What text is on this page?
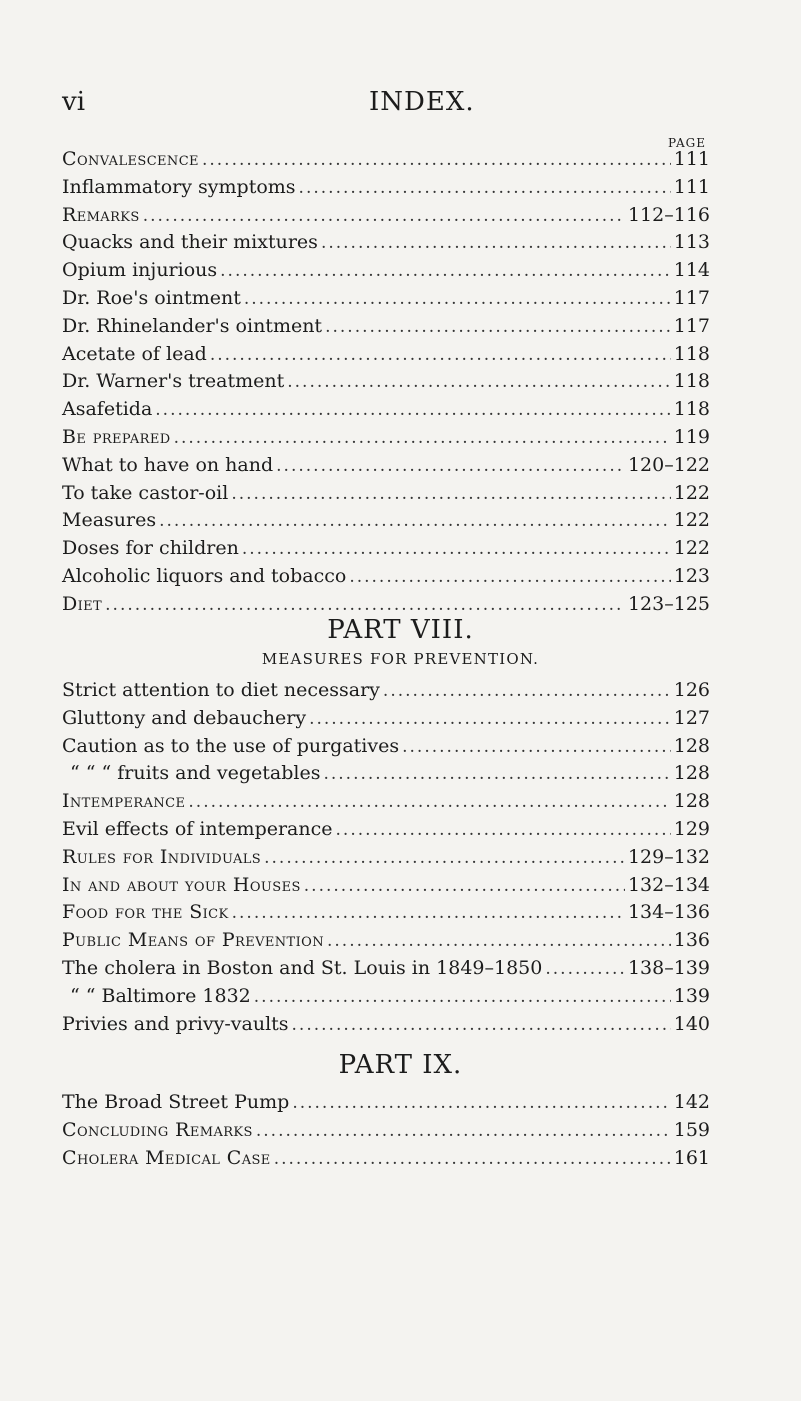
vi	INDEX.
PAGE
Convalescence .....	111
Inflammatory symptoms .....	111
Remarks .....	112–116
Quacks and their mixtures .....	113
Opium injurious .....	114
Dr. Roe's ointment .....	117
Dr. Rhinelander's ointment .....	117
Acetate of lead .....	118
Dr. Warner's treatment .....	118
Asafetida .....	118
Be prepared .....	119
What to have on hand .....	120–122
To take castor-oil .....	122
Measures .....	122
Doses for children .....	122
Alcoholic liquors and tobacco .....	123
Diet .....	123–125
PART VIII.
MEASURES FOR PREVENTION.
Strict attention to diet necessary .....	126
Gluttony and debauchery .....	127
Caution as to the use of purgatives .....	128
“ “ “ fruits and vegetables .....	128
Intemperance .....	128
Evil effects of intemperance .....	129
Rules for Individuals .....	129–132
In and about your Houses .....	132–134
Food for the Sick .....	134–136
Public Means of Prevention .....	136
The cholera in Boston and St. Louis in 1849–1850 .....	138–139
“ “ Baltimore 1832 .....	139
Privies and privy-vaults .....	140
PART IX.
The Broad Street Pump .....	142
Concluding Remarks .....	159
Cholera Medical Case .....	161
